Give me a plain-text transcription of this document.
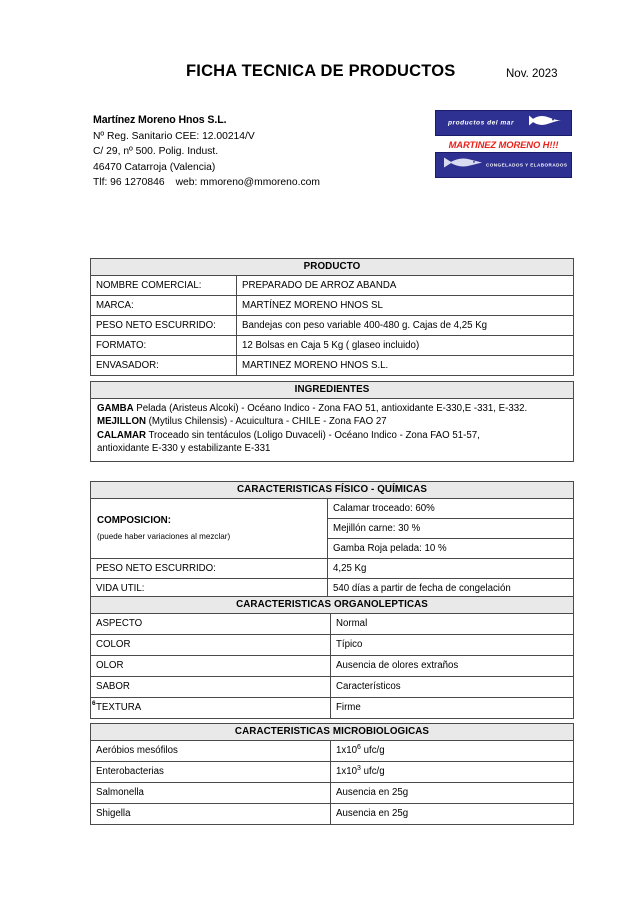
FICHA TECNICA DE PRODUCTOS	Nov. 2023
Martínez Moreno Hnos S.L.
Nº Reg. Sanitario CEE: 12.00214/V
C/ 29, nº 500. Polig. Indust.
46470 Catarroja (Valencia)
Tlf: 96 1270846 web: mmoreno@mmoreno.com
productos del mar
MARTINEZ MORENO H!!!
CONGELADOS Y ELABORADOS
PRODUCTO	
NOMBRE COMERCIAL:	PREPARADO DE ARROZ ABANDA
MARCA:	MARTÍNEZ MORENO HNOS SL
PESO NETO ESCURRIDO:	Bandejas con peso variable 400-480 g. Cajas de 4,25 Kg
FORMATO:	12 Bolsas en Caja 5 Kg ( glaseo incluido)
ENVASADOR:	MARTINEZ MORENO HNOS S.L.
INGREDIENTES

GAMBA Pelada (Aristeus Alcoki) - Océano Indico - Zona FAO 51, antioxidante E-330,E -331, E-332.
MEJILLON (Mytilus Chilensis) - Acuicultura - CHILE - Zona FAO 27
CALAMAR Troceado sin tentáculos (Loligo Duvaceli) - Océano Indico - Zona FAO 51-57,
antioxidante E-330 y estabilizante E-331
CARACTERISTICAS FÍSICO - QUÍMICAS	
COMPOSICION:
(puede haber variaciones al mezclar)	Calamar troceado: 60%
	Mejillón carne: 30 %
	Gamba Roja pelada: 10 %
PESO NETO ESCURRIDO:	4,25 Kg
VIDA UTIL:	540 días a partir de fecha de congelación
CARACTERISTICAS ORGANOLEPTICAS	
ASPECTO	Normal
COLOR	Típico
OLOR	Ausencia de olores extraños
SABOR	Característicos
TEXTURA	Firme
6
CARACTERISTICAS MICROBIOLOGICAS	
Aeróbios mesófilos	$1x10^6$ ufc/g
Enterobacterias	$1x10^3$ ufc/g
Salmonella	Ausencia en 25g
Shigella	Ausencia en 25g
